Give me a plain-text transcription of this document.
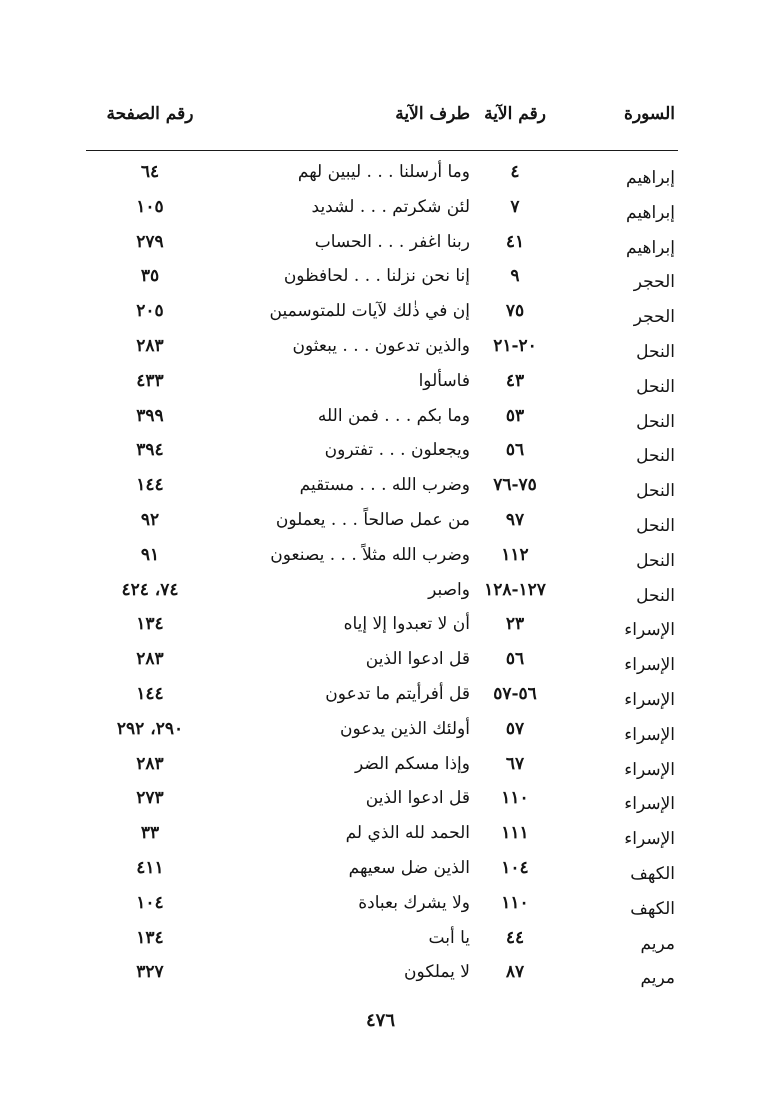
السورة
رقم الآية
طرف الآية
رقم الصفحة
إبراهيم
٤
وما أرسلنا . . . ليبين لهم
٦٤
إبراهيم
٧
لئن شكرتم . . . لشديد
١٠٥
إبراهيم
٤١
ربنا اغفر . . . الحساب
٢٧٩
الحجر
٩
إنا نحن نزلنا . . . لحافظون
٣٥
الحجر
٧٥
إن في ذٰلك لآيات للمتوسمين
٢٠٥
النحل
٢٠-٢١
والذين تدعون . . . يبعثون
٢٨٣
النحل
٤٣
فاسألوا
٤٣٣
النحل
٥٣
وما بكم . . . فمن الله
٣٩٩
النحل
٥٦
ويجعلون . . . تفترون
٣٩٤
النحل
٧٥-٧٦
وضرب الله . . . مستقيم
١٤٤
النحل
٩٧
من عمل صالحاً . . . يعملون
٩٢
النحل
١١٢
وضرب الله مثلاً . . . يصنعون
٩١
النحل
١٢٧-١٢٨
واصبر
٧٤، ٤٢٤
الإسراء
٢٣
أن لا تعبدوا إلا إياه
١٣٤
الإسراء
٥٦
قل ادعوا الذين
٢٨٣
الإسراء
٥٦-٥٧
قل أفرأيتم ما تدعون
١٤٤
الإسراء
٥٧
أولئك الذين يدعون
٢٩٠، ٢٩٢
الإسراء
٦٧
وإذا مسكم الضر
٢٨٣
الإسراء
١١٠
قل ادعوا الذين
٢٧٣
الإسراء
١١١
الحمد لله الذي لم
٣٣
الكهف
١٠٤
الذين ضل سعيهم
٤١١
الكهف
١١٠
ولا يشرك بعبادة
١٠٤
مريم
٤٤
يا أبت
١٣٤
مريم
٨٧
لا يملكون
٣٢٧
٤٧٦
